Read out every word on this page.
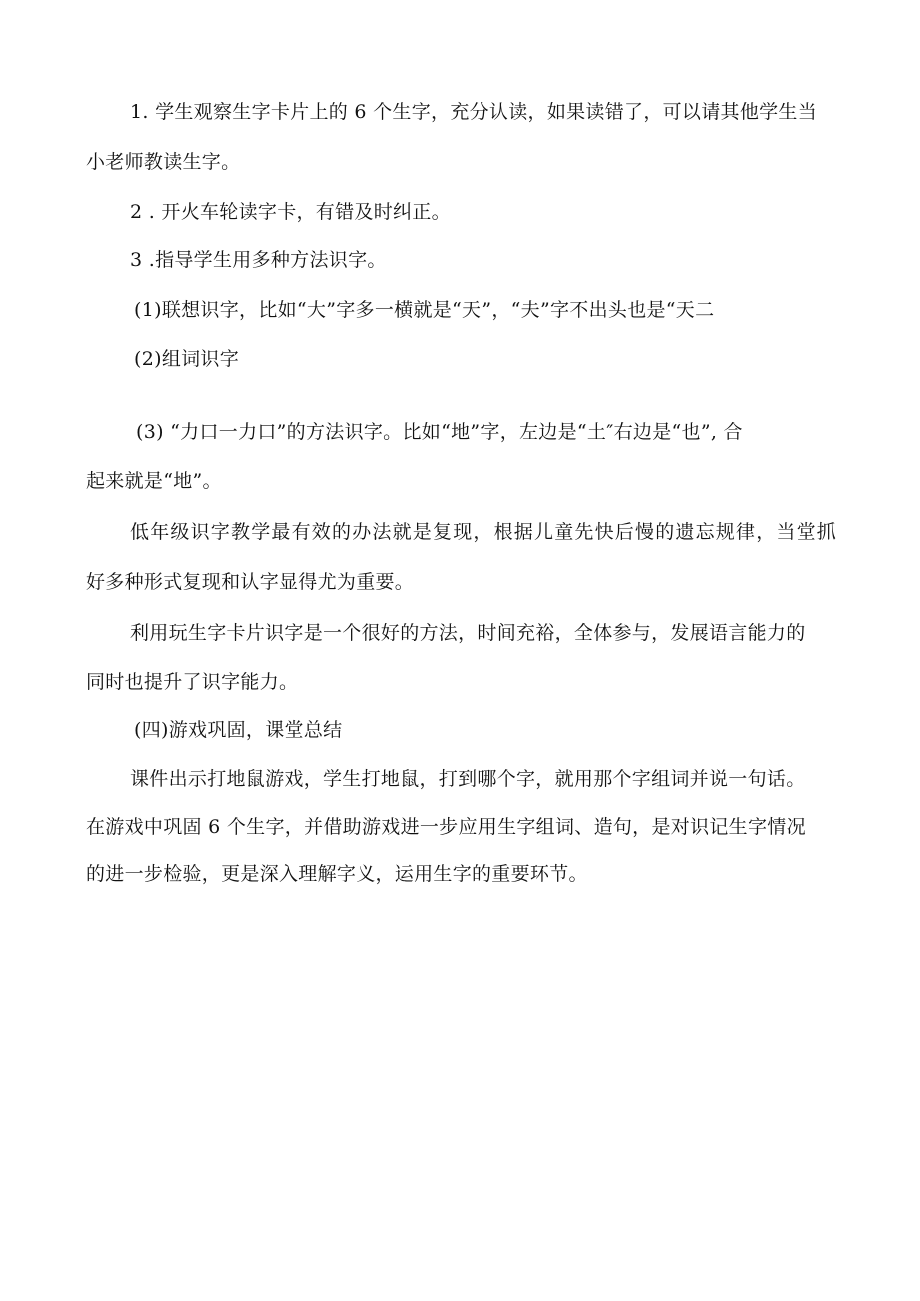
1. 学生观察生字卡片上的 6 个生字，充分认读，如果读错了，可以请其他学生当
小老师教读生字。
2 . 开火车轮读字卡，有错及时纠正。
3 .指导学生用多种方法识字。
(1)联想识字，比如“大”字多一横就是“天”，“夫”字不出头也是“天二
(2)组词识字
(3) “力口一力口”的方法识字。比如“地”字，左边是“土″右边是“也”, 合
起来就是“地”。
低年级识字教学最有效的办法就是复现，根据儿童先快后慢的遗忘规律，当堂抓
好多种形式复现和认字显得尤为重要。
利用玩生字卡片识字是一个很好的方法，时间充裕，全体参与，发展语言能力的
同时也提升了识字能力。
(四)游戏巩固，课堂总结
课件出示打地鼠游戏，学生打地鼠，打到哪个字，就用那个字组词并说一句话。
在游戏中巩固 6 个生字，并借助游戏进一步应用生字组词、造句，是对识记生字情况
的进一步检验，更是深入理解字义，运用生字的重要环节。
